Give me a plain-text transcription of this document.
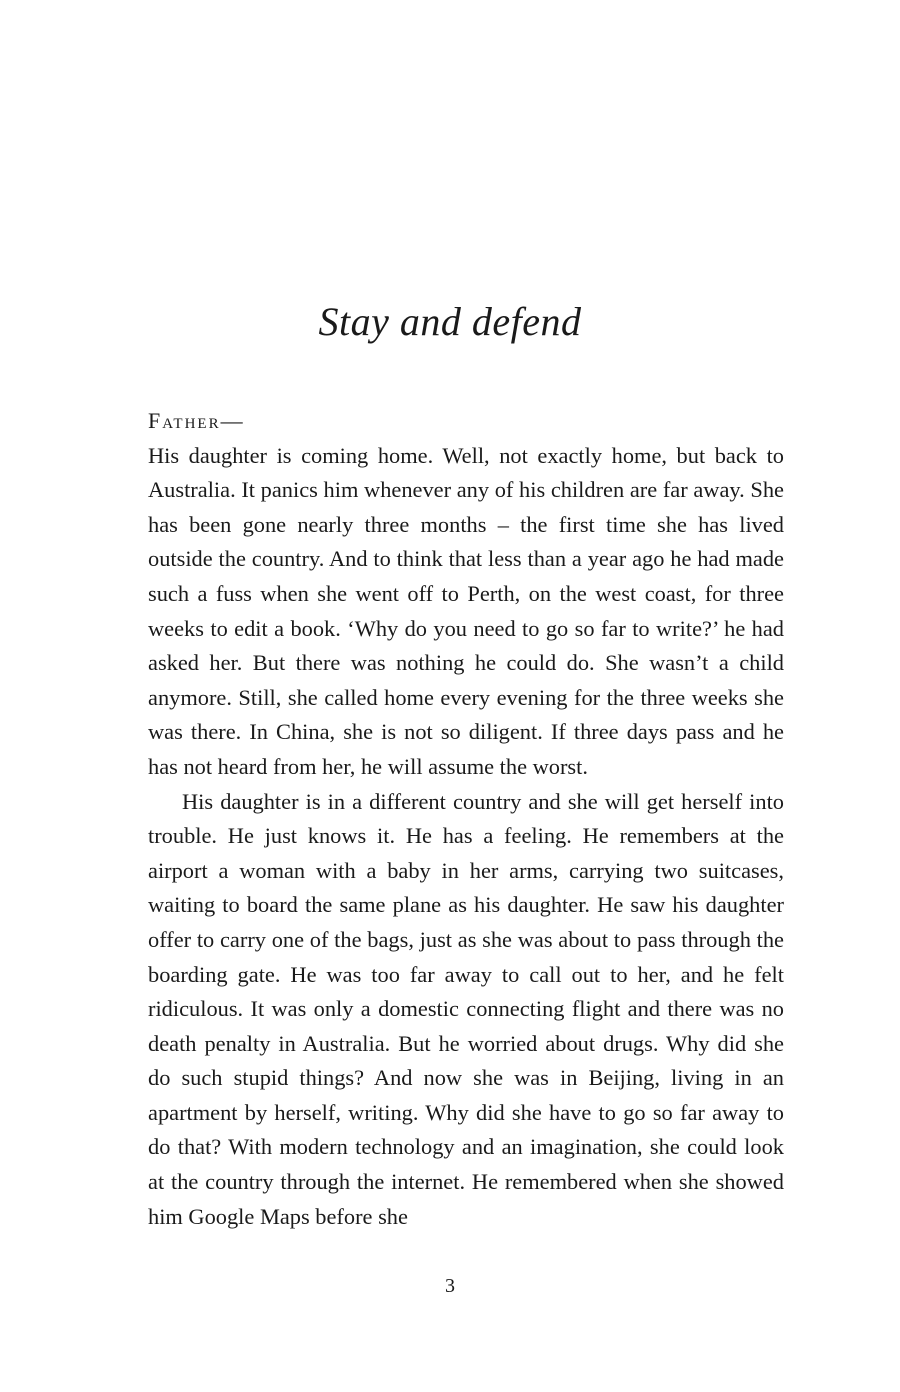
Stay and defend
Father—

His daughter is coming home. Well, not exactly home, but back to Australia. It panics him whenever any of his children are far away. She has been gone nearly three months – the first time she has lived outside the country. And to think that less than a year ago he had made such a fuss when she went off to Perth, on the west coast, for three weeks to edit a book. ‘Why do you need to go so far to write?’ he had asked her. But there was nothing he could do. She wasn’t a child anymore. Still, she called home every evening for the three weeks she was there. In China, she is not so diligent. If three days pass and he has not heard from her, he will assume the worst.

His daughter is in a different country and she will get herself into trouble. He just knows it. He has a feeling. He remembers at the airport a woman with a baby in her arms, carrying two suitcases, waiting to board the same plane as his daughter. He saw his daughter offer to carry one of the bags, just as she was about to pass through the boarding gate. He was too far away to call out to her, and he felt ridiculous. It was only a domestic connecting flight and there was no death penalty in Australia. But he worried about drugs. Why did she do such stupid things? And now she was in Beijing, living in an apartment by herself, writing. Why did she have to go so far away to do that? With modern technology and an imagination, she could look at the country through the internet. He remembered when she showed him Google Maps before she

3
